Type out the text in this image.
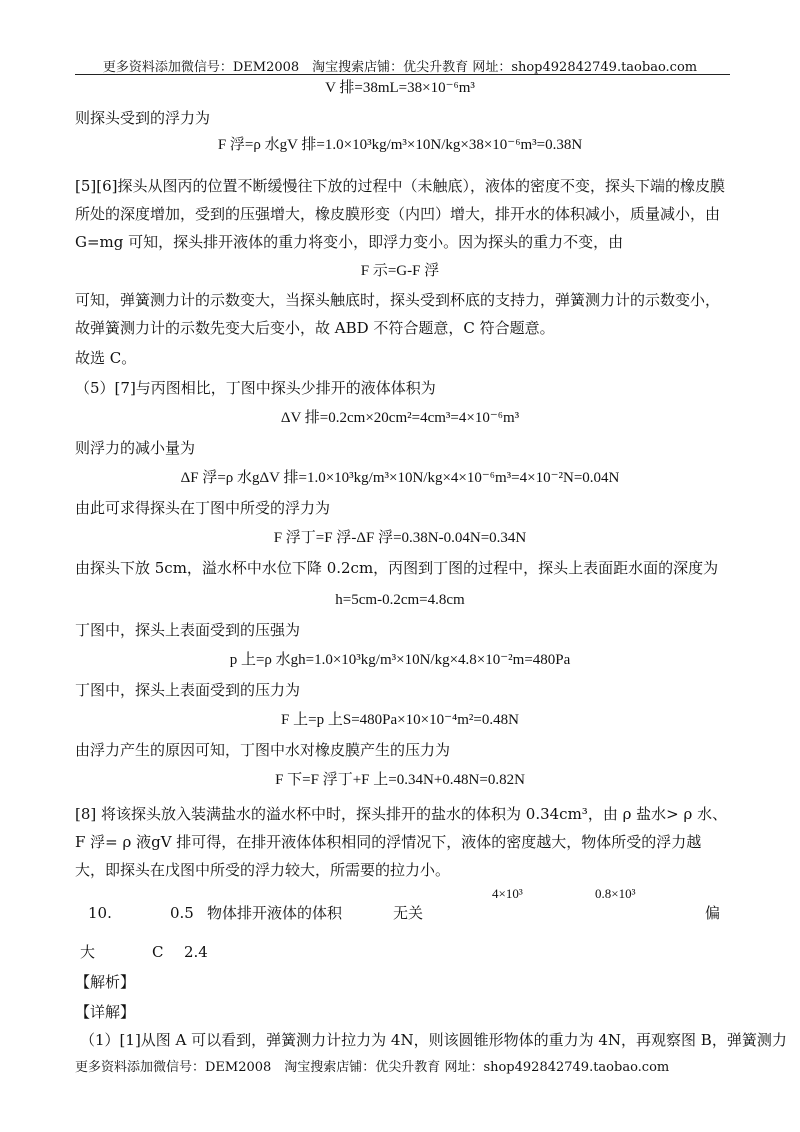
更多资料添加微信号：DEM2008　淘宝搜索店铺：优尖升教育 网址：shop492842749.taobao.com
V 排=38mL=38×10⁻⁶m³
则探头受到的浮力为
F 浮=ρ 水gV 排=1.0×10³kg/m³×10N/kg×38×10⁻⁶m³=0.38N
[5][6]探头从图丙的位置不断缓慢往下放的过程中（未触底），液体的密度不变，探头下端的橡皮膜所处的深度增加，受到的压强增大，橡皮膜形变（内凹）增大，排开水的体积减小，质量减小，由 G=mg 可知，探头排开液体的重力将变小，即浮力变小。因为探头的重力不变，由
F 示=G-F 浮
可知，弹簧测力计的示数变大，当探头触底时，探头受到杯底的支持力，弹簧测力计的示数变小，故弹簧测力计的示数先变大后变小，故 ABD 不符合题意，C 符合题意。
故选 C。
（5）[7]与丙图相比，丁图中探头少排开的液体体积为
ΔV 排=0.2cm×20cm²=4cm³=4×10⁻⁶m³
则浮力的减小量为
ΔF 浮=ρ 水gΔV 排=1.0×10³kg/m³×10N/kg×4×10⁻⁶m³=4×10⁻²N=0.04N
由此可求得探头在丁图中所受的浮力为
F 浮丁=F 浮-ΔF 浮=0.38N-0.04N=0.34N
由探头下放 5cm，溢水杯中水位下降 0.2cm，丙图到丁图的过程中，探头上表面距水面的深度为
h=5cm-0.2cm=4.8cm
丁图中，探头上表面受到的压强为
p 上=ρ 水gh=1.0×10³kg/m³×10N/kg×4.8×10⁻²m=480Pa
丁图中，探头上表面受到的压力为
F 上=p 上S=480Pa×10×10⁻⁴m²=0.48N
由浮力产生的原因可知，丁图中水对橡皮膜产生的压力为
F 下=F 浮丁+F 上=0.34N+0.48N=0.82N
[8] 将该探头放入装满盐水的溢水杯中时，探头排开的盐水的体积为 0.34cm³，由 ρ 盐水> ρ 水、F 浮= ρ 液gV 排可得，在排开液体体积相同的浮情况下，液体的密度越大，物体所受的浮力越大，即探头在戊图中所受的浮力较大，所需要的拉力小。
10.	0.5 物体排开液体的体积	无关
4×10³	0.8×10³
偏
大	C 2.4
【解析】
【详解】
（1）[1]从图 A 可以看到，弹簧测力计拉力为 4N，则该圆锥形物体的重力为 4N，再观察图 B，弹簧测力
更多资料添加微信号：DEM2008　淘宝搜索店铺：优尖升教育 网址：shop492842749.taobao.com
